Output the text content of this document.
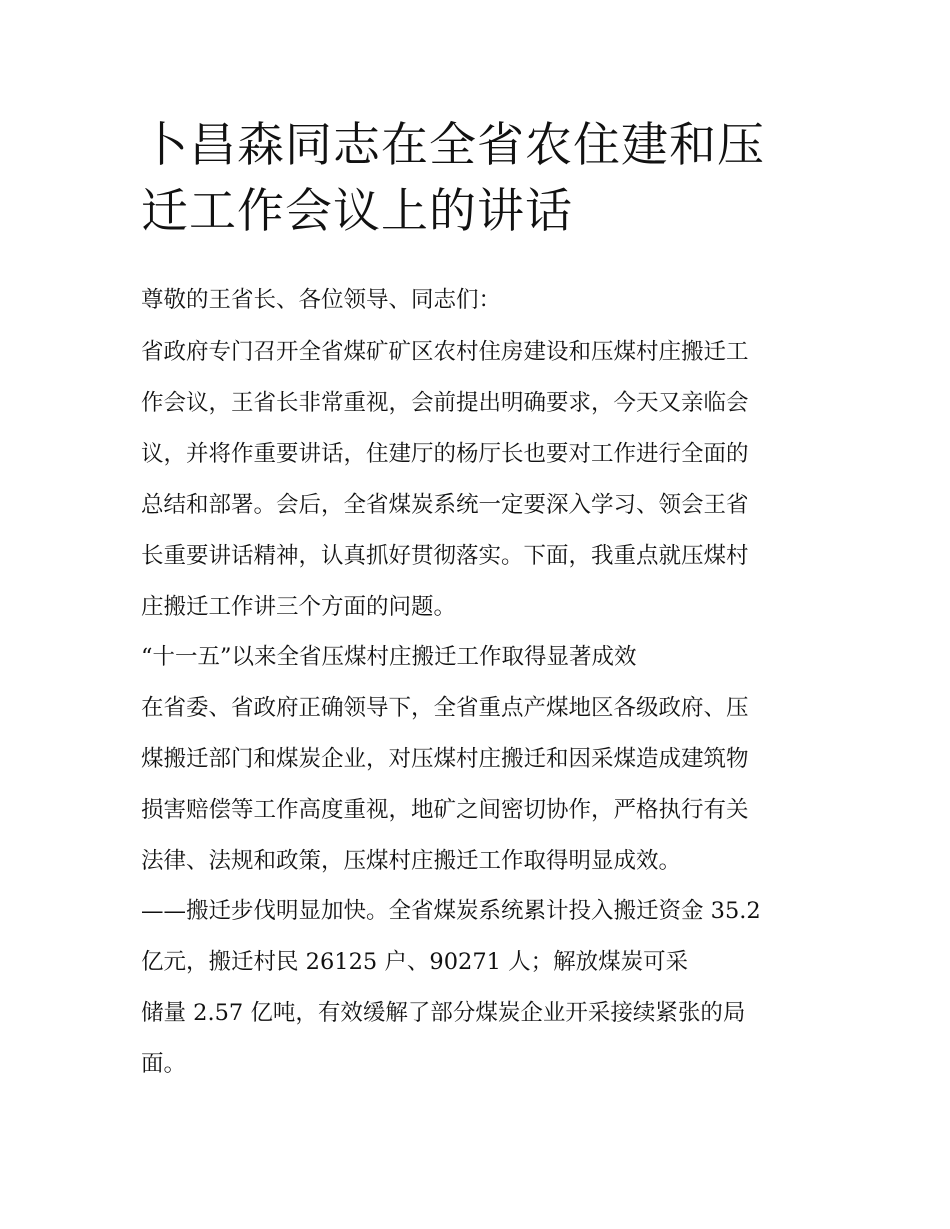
卜昌森同志在全省农住建和压
迁工作会议上的讲话

尊敬的王省长、各位领导、同志们：

省政府专门召开全省煤矿矿区农村住房建设和压煤村庄搬迁工
作会议，王省长非常重视，会前提出明确要求，今天又亲临会
议，并将作重要讲话，住建厅的杨厅长也要对工作进行全面的
总结和部署。会后，全省煤炭系统一定要深入学习、领会王省
长重要讲话精神，认真抓好贯彻落实。下面，我重点就压煤村
庄搬迁工作讲三个方面的问题。

“十一五”以来全省压煤村庄搬迁工作取得显著成效

在省委、省政府正确领导下，全省重点产煤地区各级政府、压
煤搬迁部门和煤炭企业，对压煤村庄搬迁和因采煤造成建筑物
损害赔偿等工作高度重视，地矿之间密切协作，严格执行有关
法律、法规和政策，压煤村庄搬迁工作取得明显成效。

——搬迁步伐明显加快。全省煤炭系统累计投入搬迁资金 35.2
亿元，搬迁村民 26125 户、90271 人；解放煤炭可采
储量 2.57 亿吨，有效缓解了部分煤炭企业开采接续紧张的局
面。
